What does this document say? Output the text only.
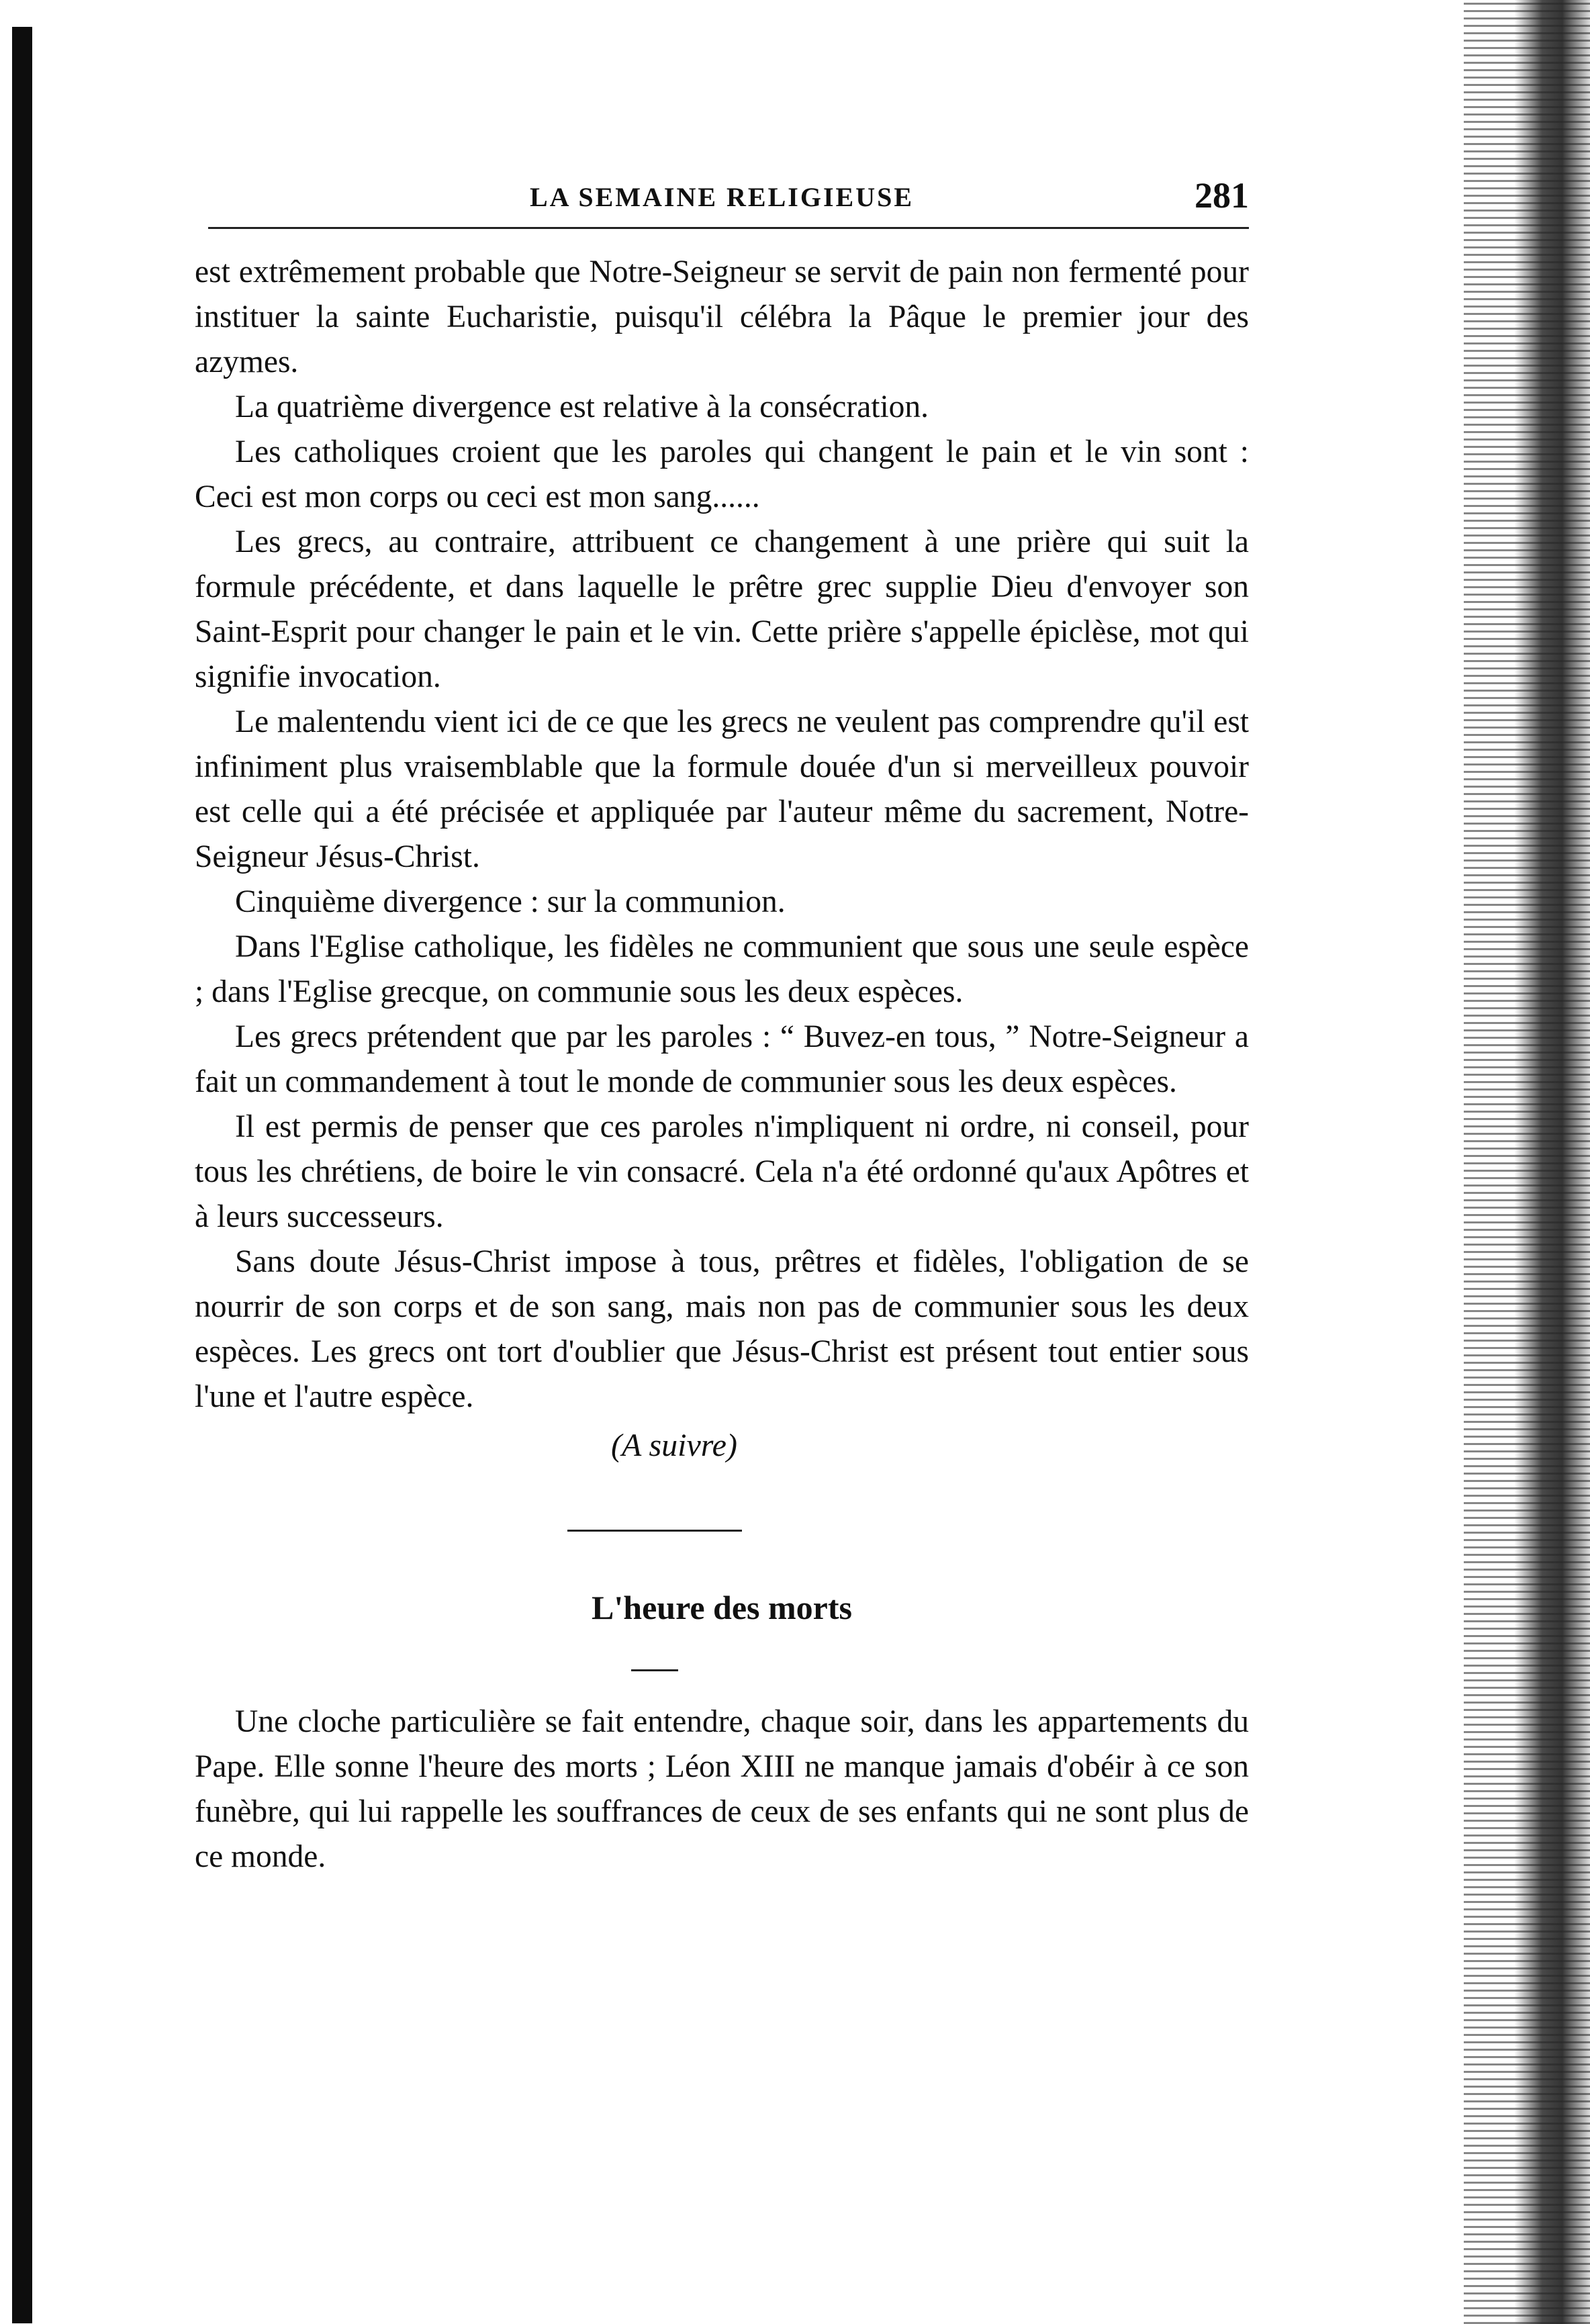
LA SEMAINE RELIGIEUSE	281

est extrêmement probable que Notre-Seigneur se servit de pain non fermenté pour instituer la sainte Eucharistie, puisqu'il célébra la Pâque le premier jour des azymes.

La quatrième divergence est relative à la consécration.

Les catholiques croient que les paroles qui changent le pain et le vin sont : Ceci est mon corps ou ceci est mon sang......

Les grecs, au contraire, attribuent ce changement à une prière qui suit la formule précédente, et dans laquelle le prêtre grec supplie Dieu d'envoyer son Saint-Esprit pour changer le pain et le vin. Cette prière s'appelle épiclèse, mot qui signifie invocation.

Le malentendu vient ici de ce que les grecs ne veulent pas comprendre qu'il est infiniment plus vraisemblable que la formule douée d'un si merveilleux pouvoir est celle qui a été précisée et appliquée par l'auteur même du sacrement, Notre-Seigneur Jésus-Christ.

Cinquième divergence : sur la communion.

Dans l'Eglise catholique, les fidèles ne communient que sous une seule espèce ; dans l'Eglise grecque, on communie sous les deux espèces.

Les grecs prétendent que par les paroles : “ Buvez-en tous, ” Notre-Seigneur a fait un commandement à tout le monde de communier sous les deux espèces.

Il est permis de penser que ces paroles n'impliquent ni ordre, ni conseil, pour tous les chrétiens, de boire le vin consacré. Cela n'a été ordonné qu'aux Apôtres et à leurs successeurs.

Sans doute Jésus-Christ impose à tous, prêtres et fidèles, l'obligation de se nourrir de son corps et de son sang, mais non pas de communier sous les deux espèces. Les grecs ont tort d'oublier que Jésus-Christ est présent tout entier sous l'une et l'autre espèce.

(A suivre)
L'heure des morts

Une cloche particulière se fait entendre, chaque soir, dans les appartements du Pape. Elle sonne l'heure des morts ; Léon XIII ne manque jamais d'obéir à ce son funèbre, qui lui rappelle les souffrances de ceux de ses enfants qui ne sont plus de ce monde.
